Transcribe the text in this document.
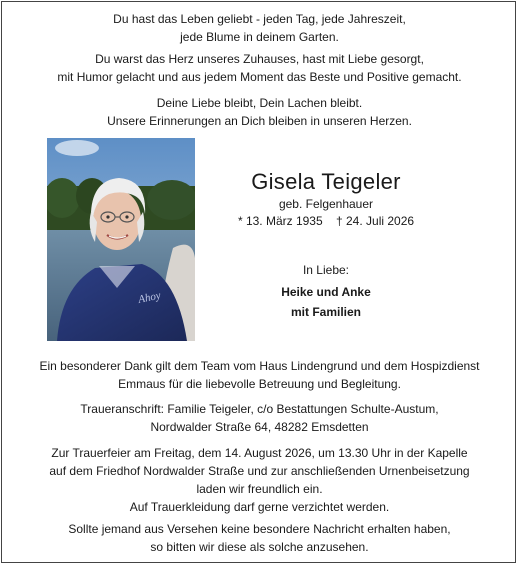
Du hast das Leben geliebt - jeden Tag, jede Jahreszeit,
jede Blume in deinem Garten.

Du warst das Herz unseres Zuhauses, hast mit Liebe gesorgt,
mit Humor gelacht und aus jedem Moment das Beste und Positive gemacht.

Deine Liebe bleibt, Dein Lachen bleibt.
Unsere Erinnerungen an Dich bleiben in unseren Herzen.

Ahoy
Gisela Teigeler
geb. Felgenhauer
* 13. März 1935 † 24. Juli 2026
In Liebe:
Heike und Anke
mit Familien

Ein besonderer Dank gilt dem Team vom Haus Lindengrund und dem Hospizdienst
Emmaus für die liebevolle Betreuung und Begleitung.

Traueranschrift: Familie Teigeler, c/o Bestattungen Schulte-Austum,
Nordwalder Straße 64, 48282 Emsdetten

Zur Trauerfeier am Freitag, dem 14. August 2026, um 13.30 Uhr in der Kapelle
auf dem Friedhof Nordwalder Straße und zur anschließenden Urnenbeisetzung
laden wir freundlich ein.
Auf Trauerkleidung darf gerne verzichtet werden.

Sollte jemand aus Versehen keine besondere Nachricht erhalten haben,
so bitten wir diese als solche anzusehen.
